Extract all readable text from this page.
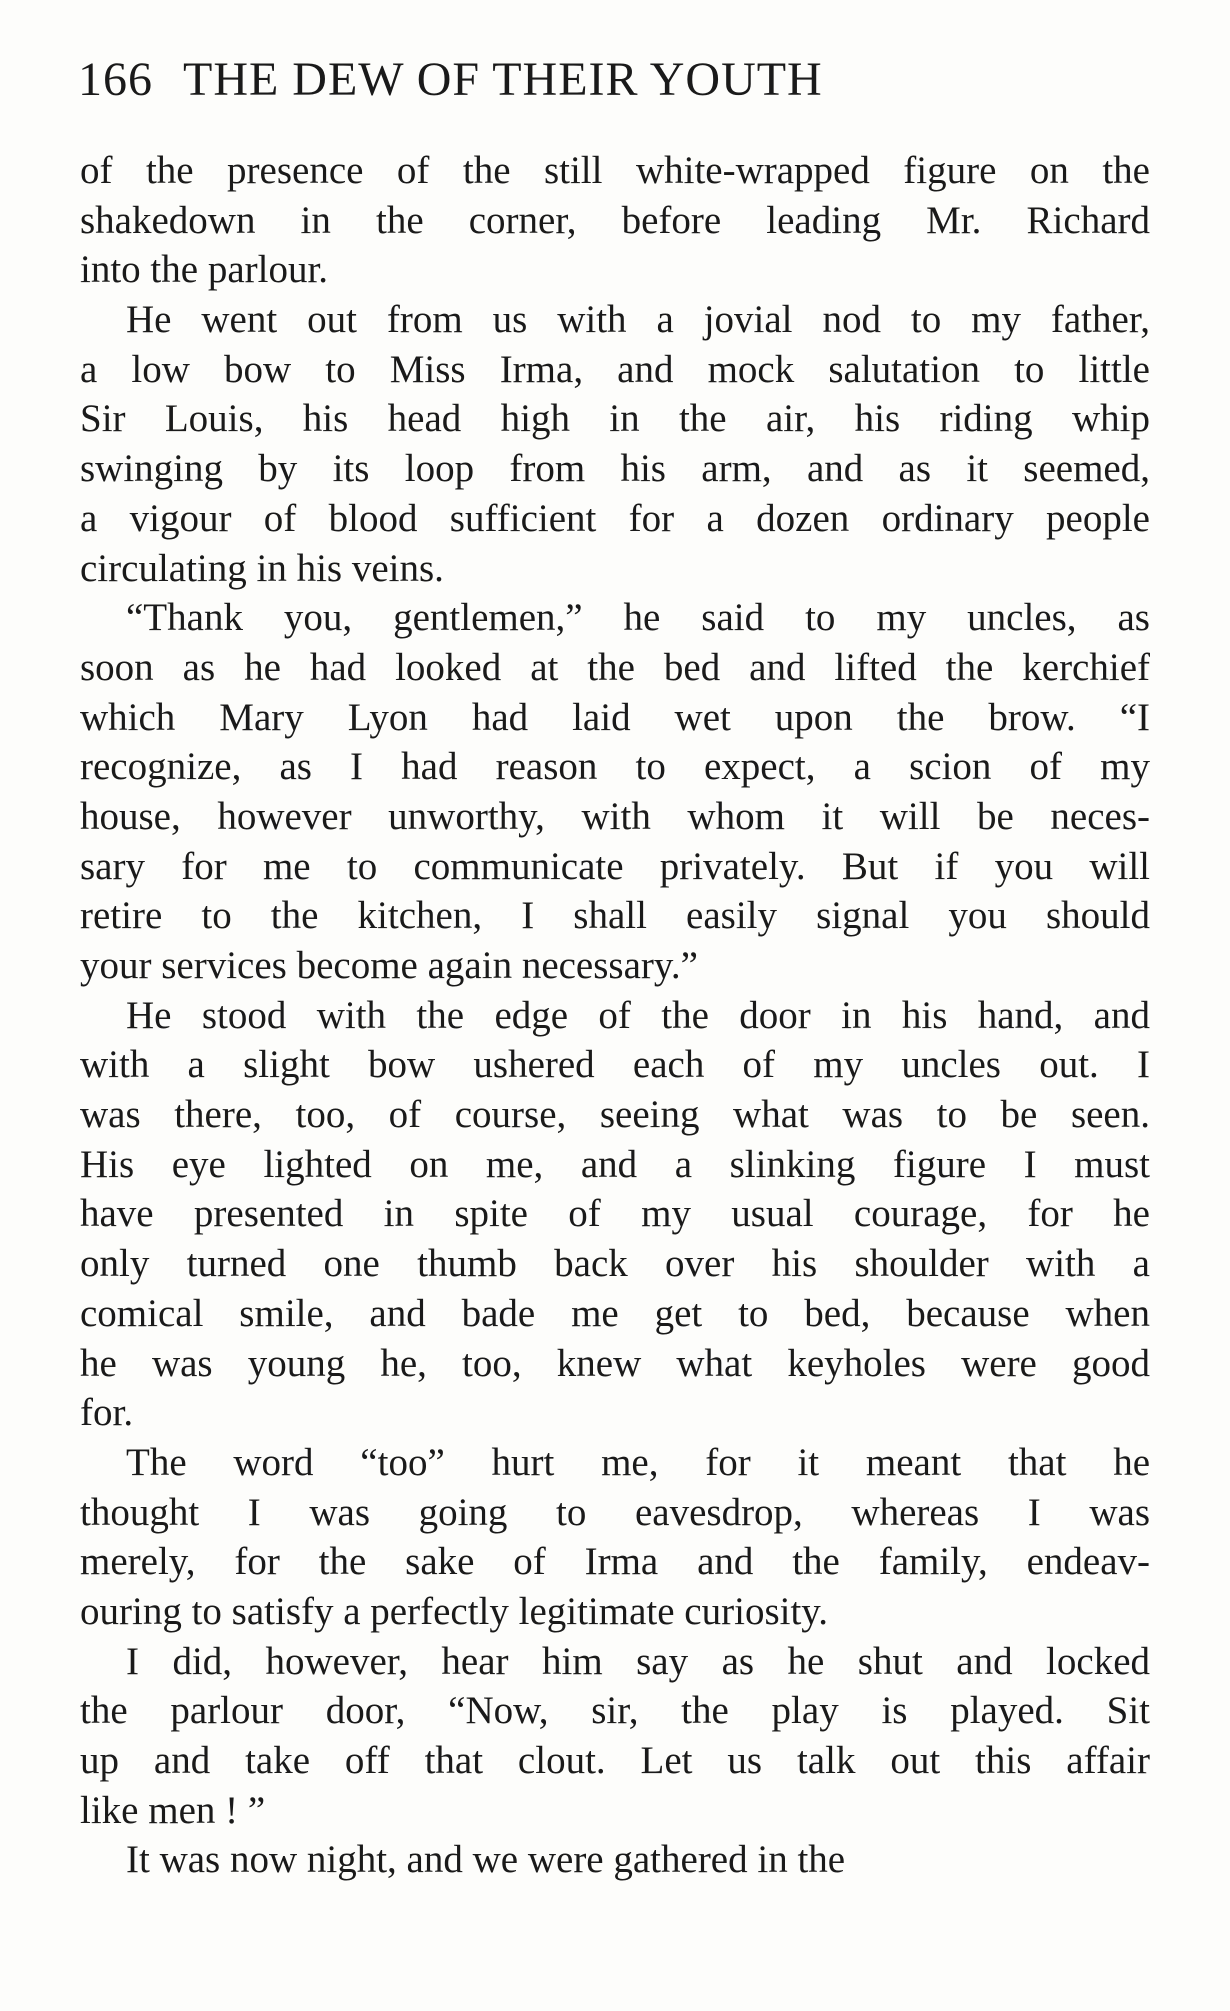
166 THE DEW OF THEIR YOUTH
of the presence of the still white-wrapped figure on the
shakedown in the corner, before leading Mr. Richard
into the parlour.
He went out from us with a jovial nod to my father,
a low bow to Miss Irma, and mock salutation to little
Sir Louis, his head high in the air, his riding whip
swinging by its loop from his arm, and as it seemed,
a vigour of blood sufficient for a dozen ordinary people
circulating in his veins.
“Thank you, gentlemen,” he said to my uncles, as
soon as he had looked at the bed and lifted the kerchief
which Mary Lyon had laid wet upon the brow. “I
recognize, as I had reason to expect, a scion of my
house, however unworthy, with whom it will be neces-
sary for me to communicate privately. But if you will
retire to the kitchen, I shall easily signal you should
your services become again necessary.”
He stood with the edge of the door in his hand, and
with a slight bow ushered each of my uncles out. I
was there, too, of course, seeing what was to be seen.
His eye lighted on me, and a slinking figure I must
have presented in spite of my usual courage, for he
only turned one thumb back over his shoulder with a
comical smile, and bade me get to bed, because when
he was young he, too, knew what keyholes were good
for.
The word “too” hurt me, for it meant that he
thought I was going to eavesdrop, whereas I was
merely, for the sake of Irma and the family, endeav-
ouring to satisfy a perfectly legitimate curiosity.
I did, however, hear him say as he shut and locked
the parlour door, “Now, sir, the play is played. Sit
up and take off that clout. Let us talk out this affair
like men ! ”
It was now night, and we were gathered in the
